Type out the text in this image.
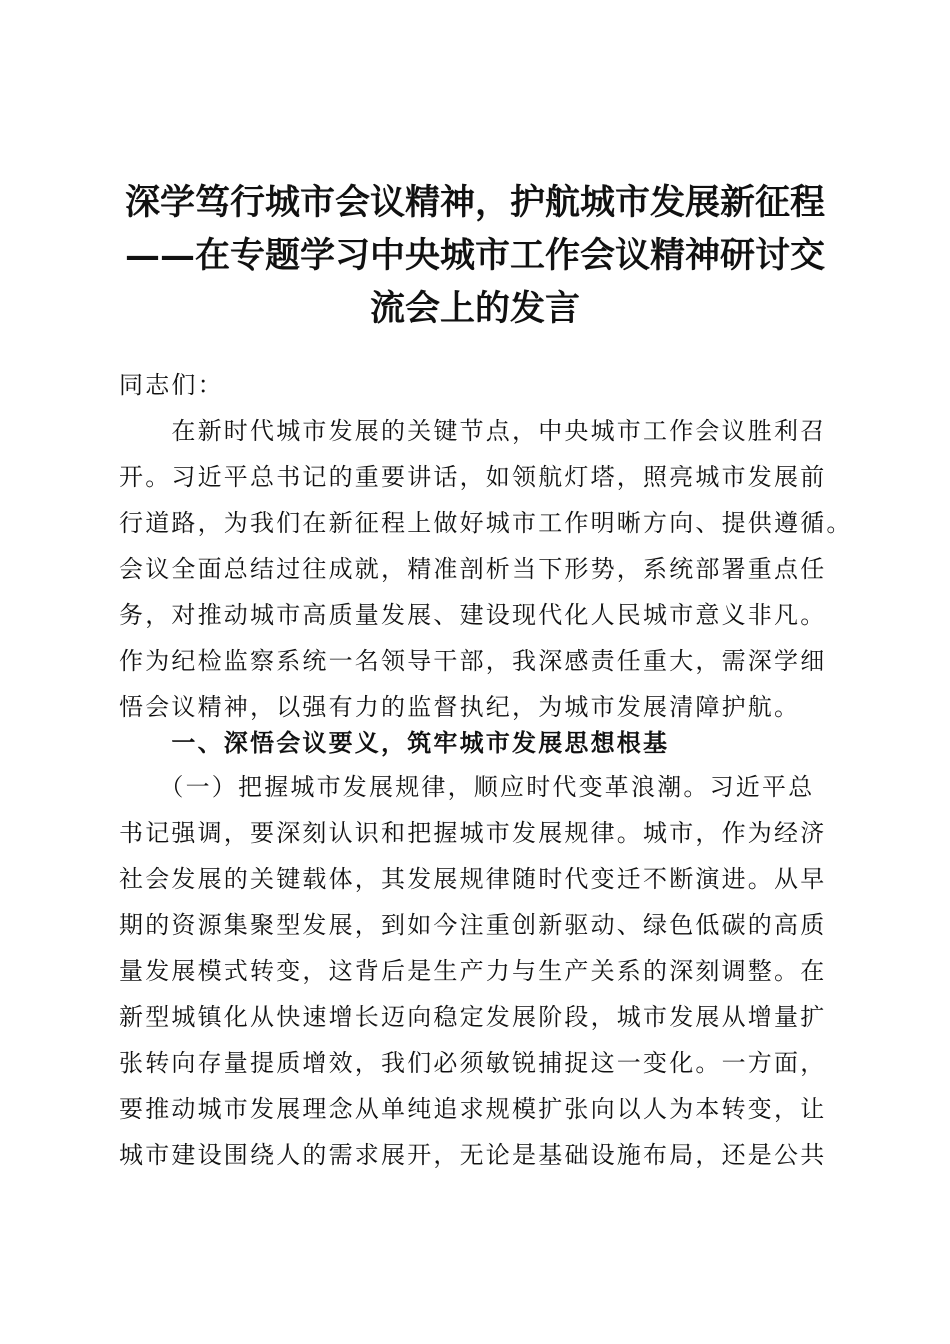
深学笃行城市会议精神，护航城市发展新征程
——在专题学习中央城市工作会议精神研讨交
流会上的发言
同志们：
　　在新时代城市发展的关键节点，中央城市工作会议胜利召
开。习近平总书记的重要讲话，如领航灯塔，照亮城市发展前
行道路，为我们在新征程上做好城市工作明晰方向、提供遵循。
会议全面总结过往成就，精准剖析当下形势，系统部署重点任
务，对推动城市高质量发展、建设现代化人民城市意义非凡。
作为纪检监察系统一名领导干部，我深感责任重大，需深学细
悟会议精神，以强有力的监督执纪，为城市发展清障护航。
　　一、深悟会议要义，筑牢城市发展思想根基
　　（一）把握城市发展规律，顺应时代变革浪潮。习近平总
书记强调，要深刻认识和把握城市发展规律。城市，作为经济
社会发展的关键载体，其发展规律随时代变迁不断演进。从早
期的资源集聚型发展，到如今注重创新驱动、绿色低碳的高质
量发展模式转变，这背后是生产力与生产关系的深刻调整。在
新型城镇化从快速增长迈向稳定发展阶段，城市发展从增量扩
张转向存量提质增效，我们必须敏锐捕捉这一变化。一方面，
要推动城市发展理念从单纯追求规模扩张向以人为本转变，让
城市建设围绕人的需求展开，无论是基础设施布局，还是公共
